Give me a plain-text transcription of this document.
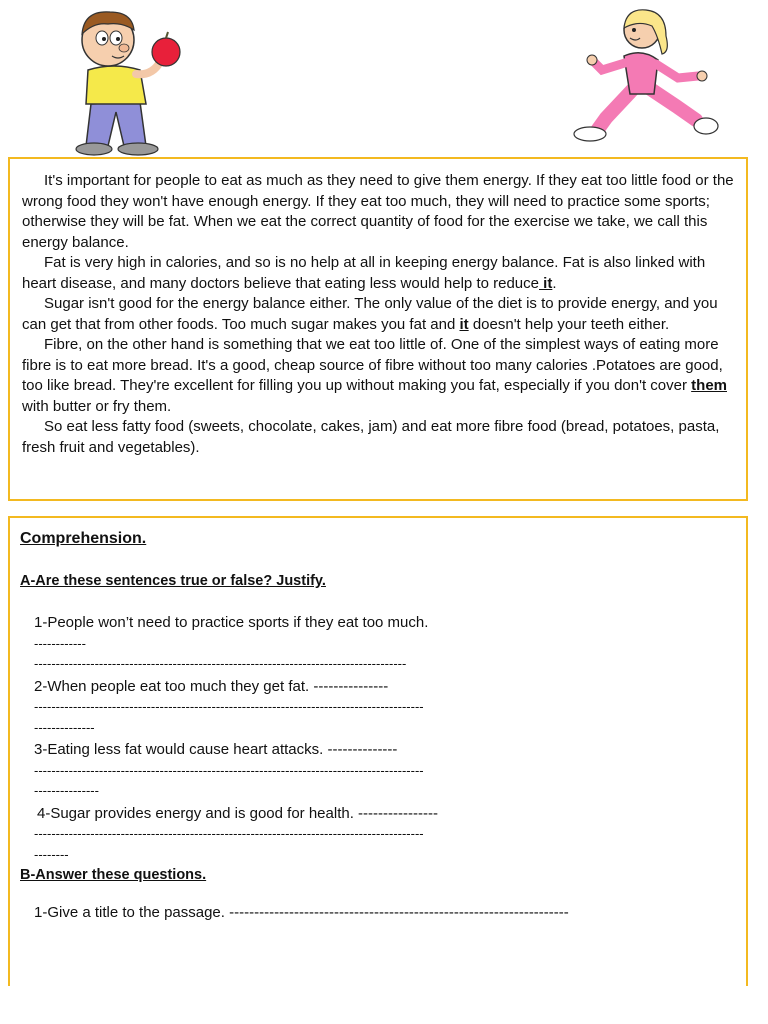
It's important for people to eat as much as they need to give them energy. If they eat too little food or the wrong food they won't have enough energy. If they eat too much, they will need to practice some sports; otherwise they will be fat. When we eat the correct quantity of food for the exercise we take, we call this energy balance.

Fat is very high in calories, and so is no help at all in keeping energy balance. Fat is also linked with heart disease, and many doctors believe that eating less would help to reduce it.

Sugar isn't good for the energy balance either. The only value of the diet is to provide energy, and you can get that from other foods. Too much sugar makes you fat and it doesn't help your teeth either.

Fibre, on the other hand is something that we eat too little of. One of the simplest ways of eating more fibre is to eat more bread. It's a good, cheap source of fibre without too many calories .Potatoes are good, too like bread. They're excellent for filling you up without making you fat, especially if you don't cover them with butter or fry them.

So eat less fatty food (sweets, chocolate, cakes, jam) and eat more fibre food (bread, potatoes, pasta, fresh fruit and vegetables).

Comprehension.

A-Are these sentences true or false? Justify.

1-People won’t need to practice sports if they eat too much.

------------

--------------------------------------------------------------------------------------

2-When people eat too much they get fat. ---------------

------------------------------------------------------------------------------------------

--------------

3-Eating less fat would cause heart attacks. --------------

------------------------------------------------------------------------------------------

---------------

4-Sugar provides energy and is good for health. ----------------

------------------------------------------------------------------------------------------

--------

B-Answer these questions.

1-Give a title to the passage. --------------------------------------------------------------------
